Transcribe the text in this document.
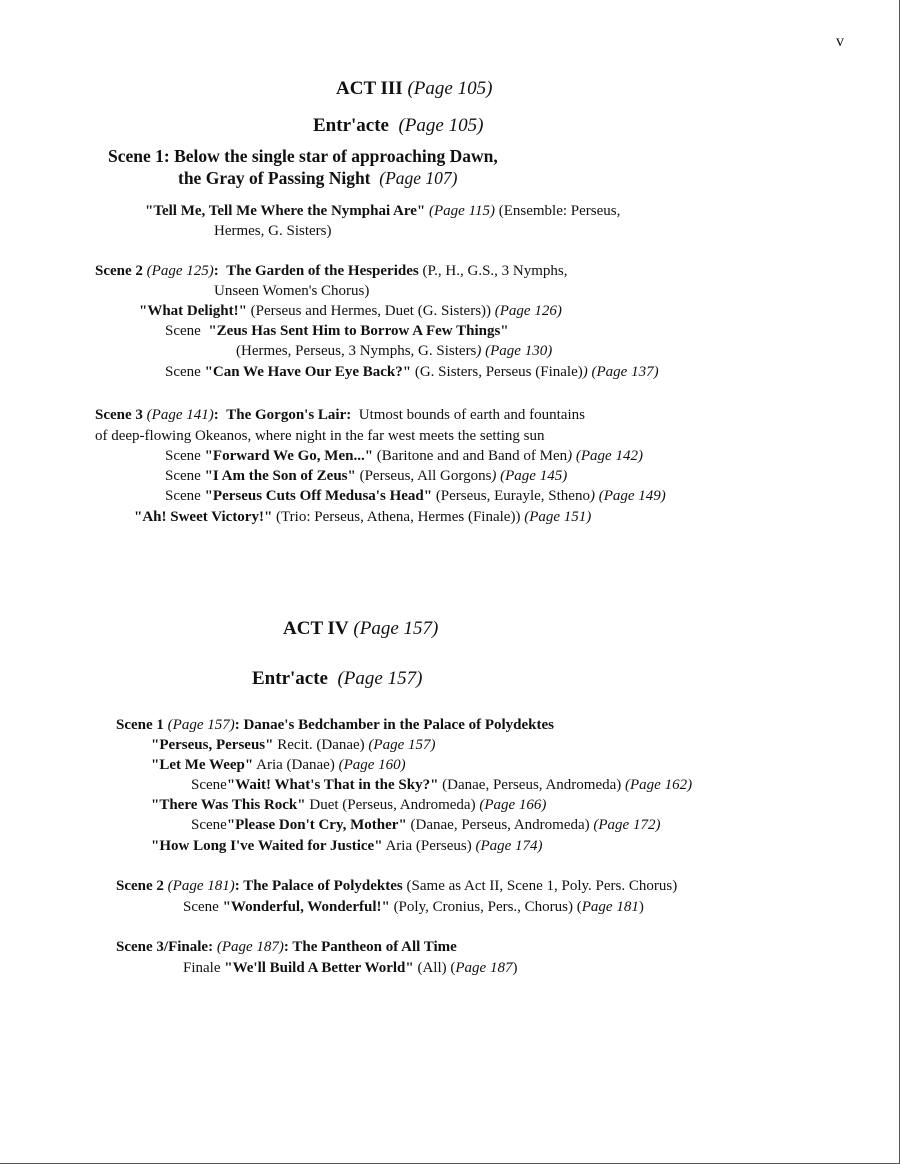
v
ACT III (Page 105)
Entr'acte (Page 105)
Scene 1: Below the single star of approaching Dawn,
the Gray of Passing Night (Page 107)
"Tell Me, Tell Me Where the Nymphai Are" (Page 115) (Ensemble: Perseus,
Hermes, G. Sisters)
Scene 2 (Page 125): The Garden of the Hesperides (P., H., G.S., 3 Nymphs,
Unseen Women's Chorus)
"What Delight!" (Perseus and Hermes, Duet (G. Sisters)) (Page 126)
Scene "Zeus Has Sent Him to Borrow A Few Things"
(Hermes, Perseus, 3 Nymphs, G. Sisters) (Page 130)
Scene "Can We Have Our Eye Back?" (G. Sisters, Perseus (Finale)) (Page 137)
Scene 3 (Page 141): The Gorgon's Lair: Utmost bounds of earth and fountains
of deep-flowing Okeanos, where night in the far west meets the setting sun
Scene "Forward We Go, Men..." (Baritone and and Band of Men) (Page 142)
Scene "I Am the Son of Zeus" (Perseus, All Gorgons) (Page 145)
Scene "Perseus Cuts Off Medusa's Head" (Perseus, Eurayle, Stheno) (Page 149)
"Ah! Sweet Victory!" (Trio: Perseus, Athena, Hermes (Finale)) (Page 151)
ACT IV (Page 157)
Entr'acte (Page 157)
Scene 1 (Page 157): Danae's Bedchamber in the Palace of Polydektes
"Perseus, Perseus" Recit. (Danae) (Page 157)
"Let Me Weep" Aria (Danae) (Page 160)
Scene"Wait! What's That in the Sky?" (Danae, Perseus, Andromeda) (Page 162)
"There Was This Rock" Duet (Perseus, Andromeda) (Page 166)
Scene"Please Don't Cry, Mother" (Danae, Perseus, Andromeda) (Page 172)
"How Long I've Waited for Justice" Aria (Perseus) (Page 174)
Scene 2 (Page 181): The Palace of Polydektes (Same as Act II, Scene 1, Poly. Pers. Chorus)
Scene "Wonderful, Wonderful!" (Poly, Cronius, Pers., Chorus) (Page 181)
Scene 3/Finale: (Page 187): The Pantheon of All Time
Finale "We'll Build A Better World" (All) (Page 187)
